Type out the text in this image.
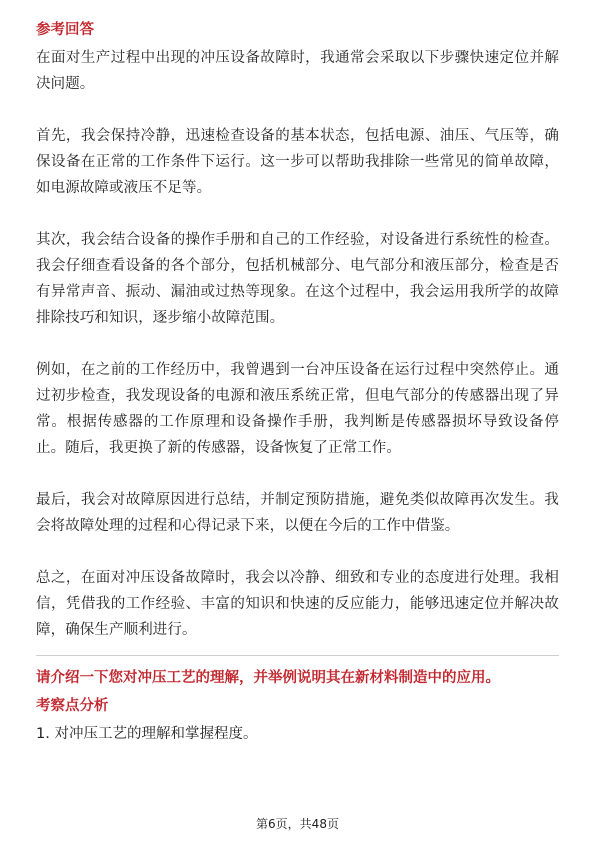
参考回答

在面对生产过程中出现的冲压设备故障时，我通常会采取以下步骤快速定位并解决问题。

首先，我会保持冷静，迅速检查设备的基本状态，包括电源、油压、气压等，确保设备在正常的工作条件下运行。这一步可以帮助我排除一些常见的简单故障，如电源故障或液压不足等。

其次，我会结合设备的操作手册和自己的工作经验，对设备进行系统性的检查。我会仔细查看设备的各个部分，包括机械部分、电气部分和液压部分，检查是否有异常声音、振动、漏油或过热等现象。在这个过程中，我会运用我所学的故障排除技巧和知识，逐步缩小故障范围。

例如，在之前的工作经历中，我曾遇到一台冲压设备在运行过程中突然停止。通过初步检查，我发现设备的电源和液压系统正常，但电气部分的传感器出现了异常。根据传感器的工作原理和设备操作手册，我判断是传感器损坏导致设备停止。随后，我更换了新的传感器，设备恢复了正常工作。

最后，我会对故障原因进行总结，并制定预防措施，避免类似故障再次发生。我会将故障处理的过程和心得记录下来，以便在今后的工作中借鉴。

总之，在面对冲压设备故障时，我会以冷静、细致和专业的态度进行处理。我相信，凭借我的工作经验、丰富的知识和快速的反应能力，能够迅速定位并解决故障，确保生产顺利进行。

请介绍一下您对冲压工艺的理解，并举例说明其在新材料制造中的应用。

考察点分析

1. 对冲压工艺的理解和掌握程度。

第6页，共48页
